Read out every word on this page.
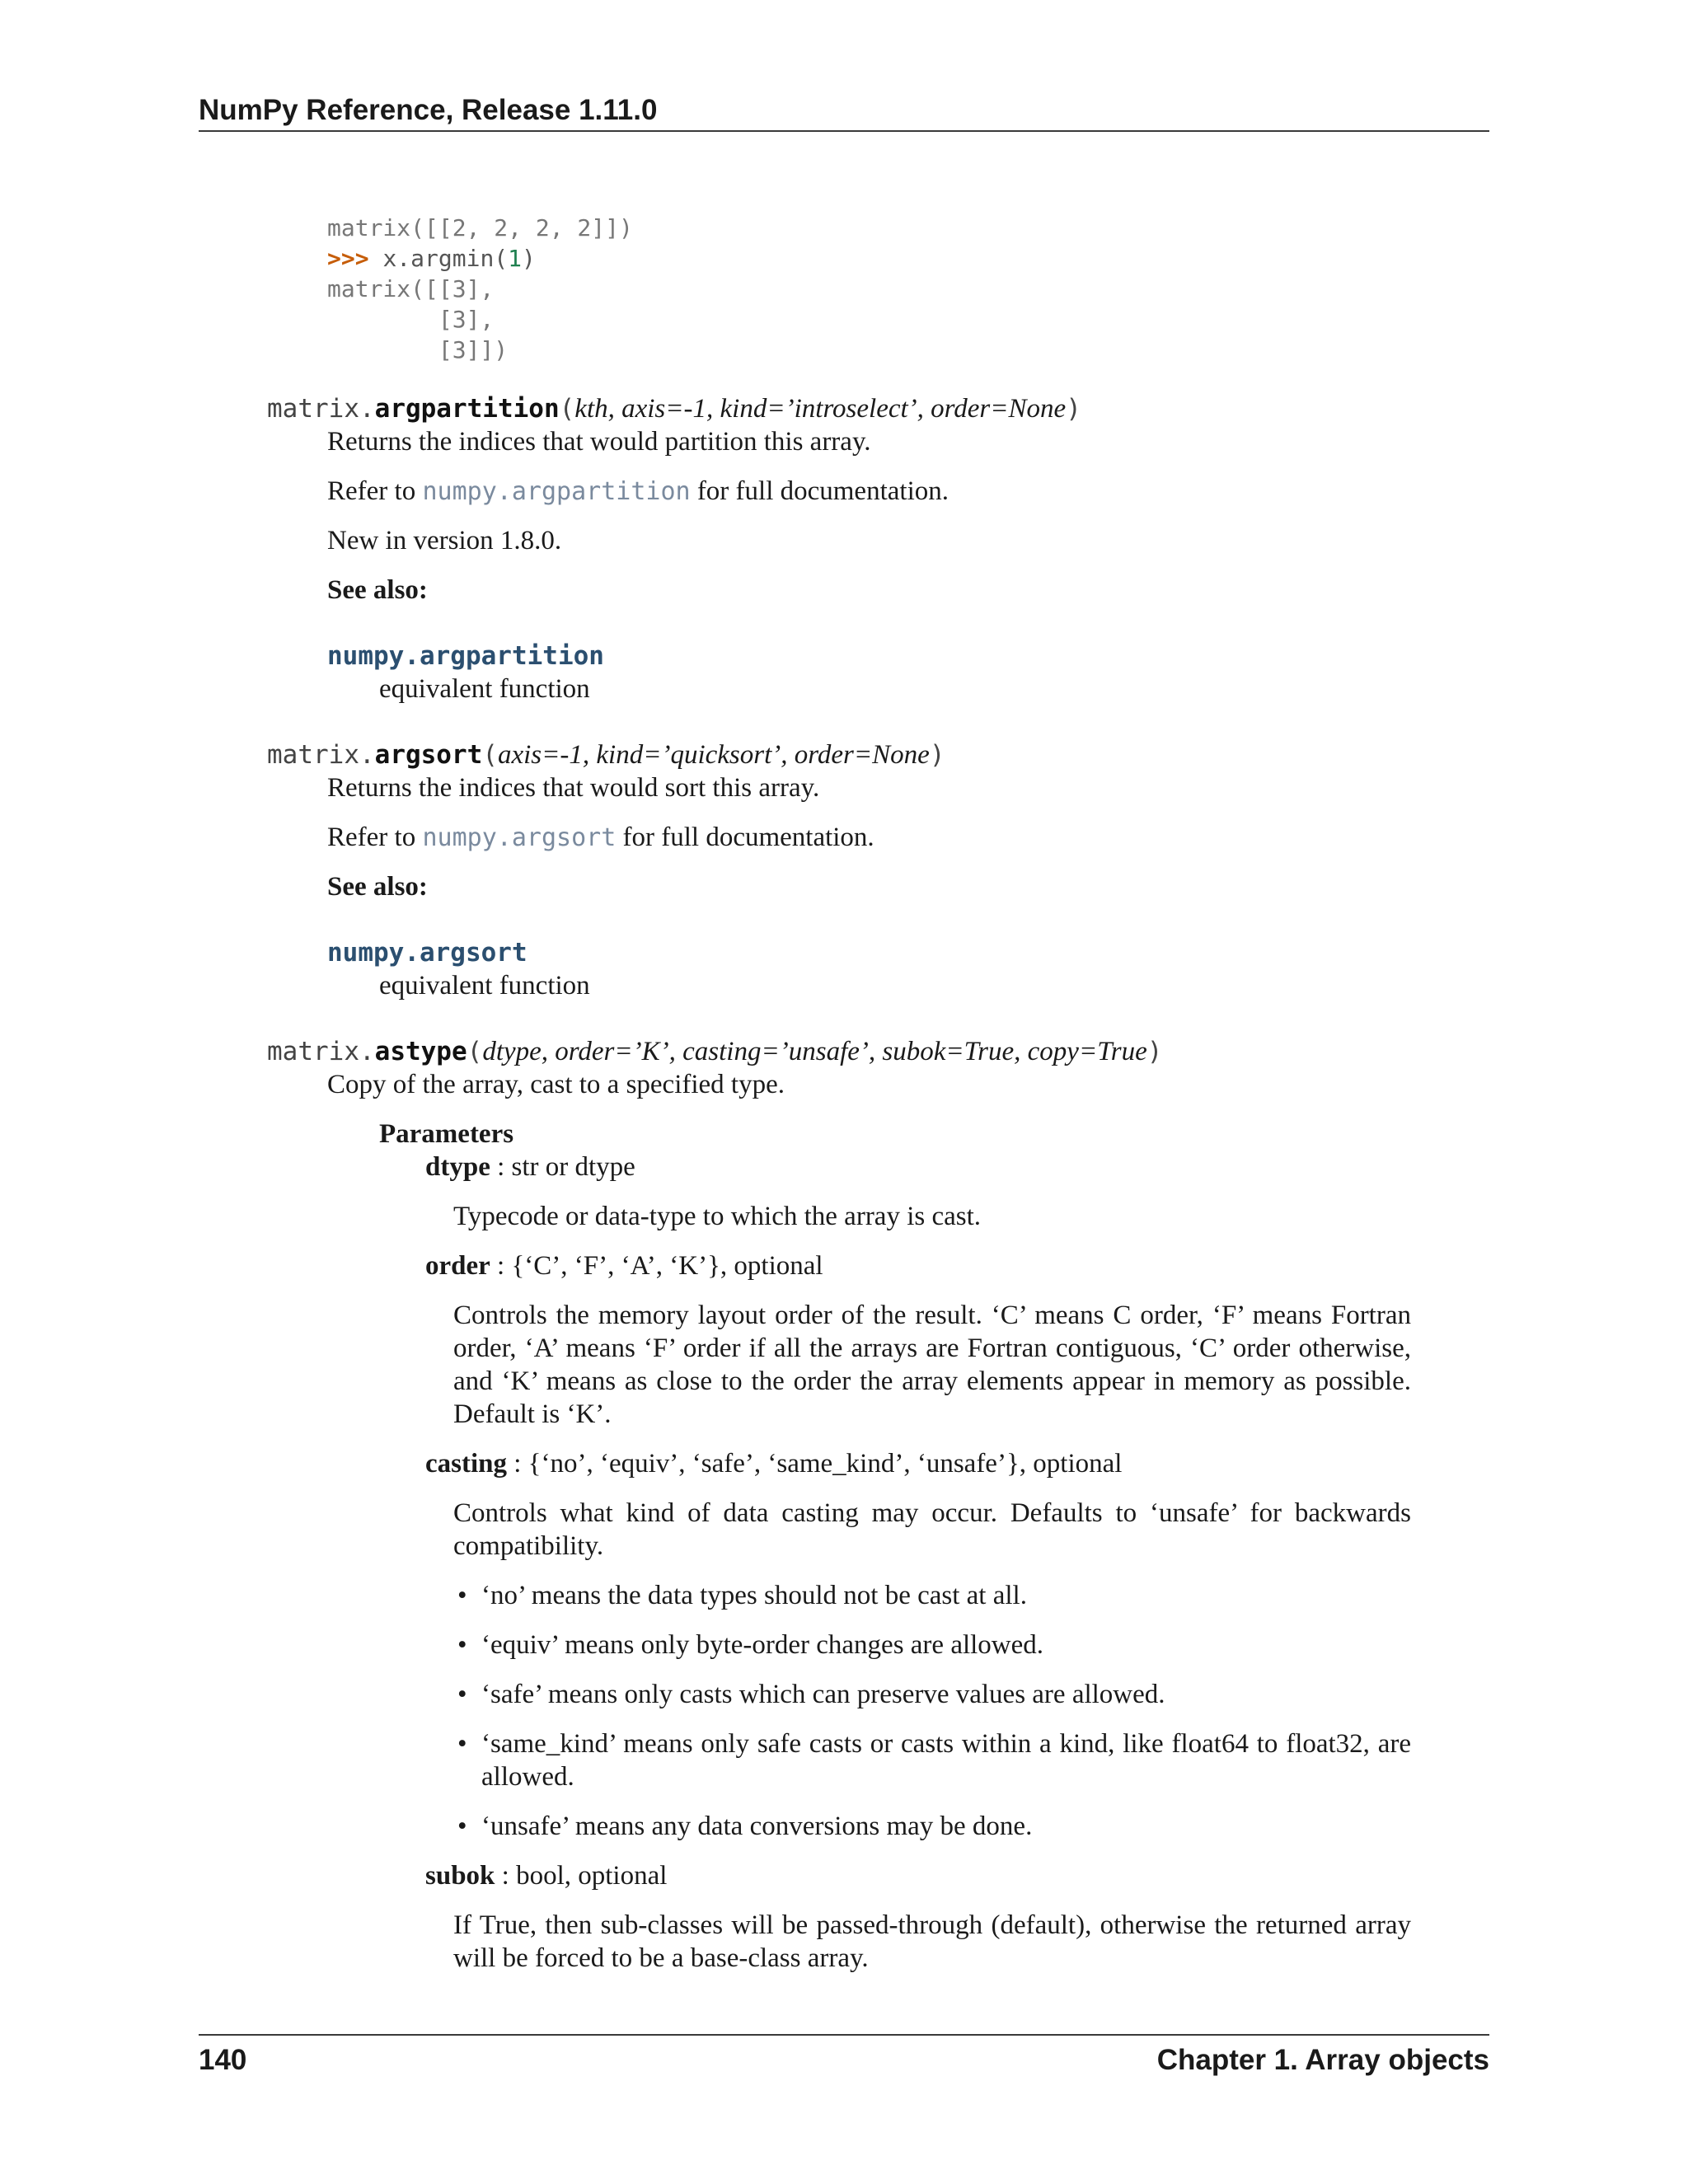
NumPy Reference, Release 1.11.0
matrix([[2, 2, 2, 2]])
>>> x.argmin(1)
matrix([[3],
[3],
[3]])
matrix.argpartition(kth, axis=-1, kind=’introselect’, order=None)
Returns the indices that would partition this array.
Refer to numpy.argpartition for full documentation.
New in version 1.8.0.
See also:
numpy.argpartition
equivalent function
matrix.argsort(axis=-1, kind=’quicksort’, order=None)
Returns the indices that would sort this array.
Refer to numpy.argsort for full documentation.
See also:
numpy.argsort
equivalent function
matrix.astype(dtype, order=’K’, casting=’unsafe’, subok=True, copy=True)
Copy of the array, cast to a specified type.
Parameters
dtype : str or dtype
Typecode or data-type to which the array is cast.
order : {‘C’, ‘F’, ‘A’, ‘K’}, optional
Controls the memory layout order of the result. ‘C’ means C order, ‘F’ means Fortran order, ‘A’ means ‘F’ order if all the arrays are Fortran contiguous, ‘C’ order otherwise, and ‘K’ means as close to the order the array elements appear in memory as possible. Default is ‘K’.
casting : {‘no’, ‘equiv’, ‘safe’, ‘same_kind’, ‘unsafe’}, optional
Controls what kind of data casting may occur. Defaults to ‘unsafe’ for backwards compatibility.
• ‘no’ means the data types should not be cast at all.
• ‘equiv’ means only byte-order changes are allowed.
• ‘safe’ means only casts which can preserve values are allowed.
• ‘same_kind’ means only safe casts or casts within a kind, like float64 to float32, are allowed.
• ‘unsafe’ means any data conversions may be done.
subok : bool, optional
If True, then sub-classes will be passed-through (default), otherwise the returned array will be forced to be a base-class array.
140	Chapter 1. Array objects
